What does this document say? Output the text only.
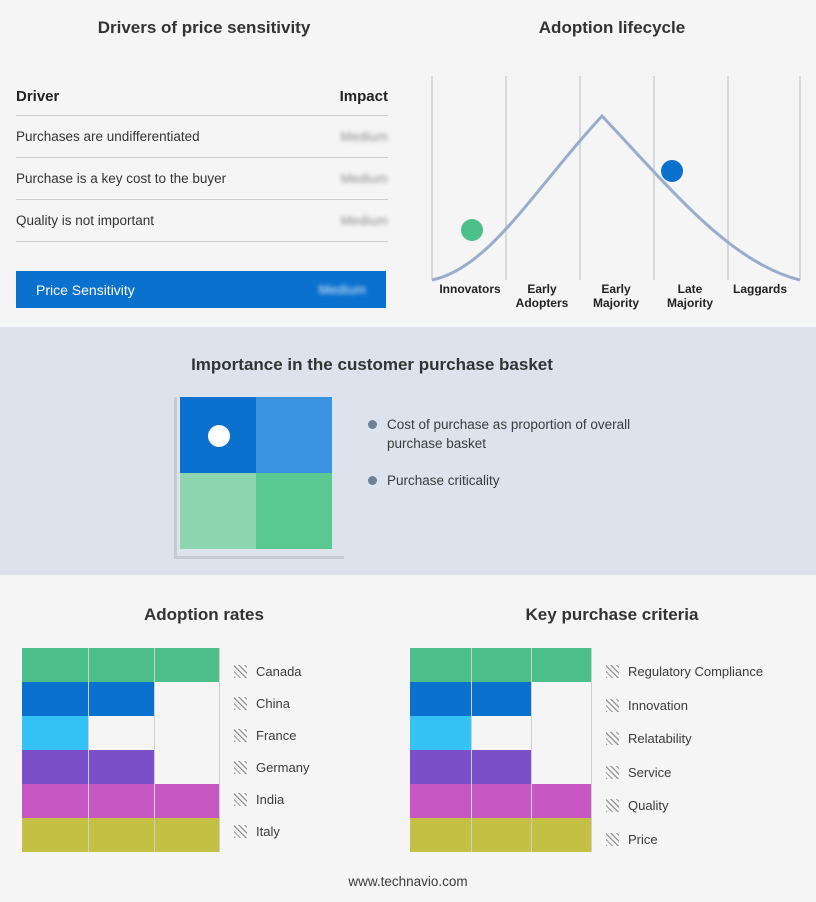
Drivers of price sensitivity
Driver	Impact
Purchases are undifferentiated	Medium
Purchase is a key cost to the buyer	Medium
Quality is not important	Medium
Price Sensitivity	Medium
Adoption lifecycle
Innovators	Early
Adopters
Early
Majority
Late
Majority
Laggards
Importance in the customer purchase basket
Cost of purchase as proportion of overall purchase basket
Purchase criticality
Adoption rates
Canada
China
France
Germany
India
Italy
Key purchase criteria
Regulatory Compliance
Innovation
Relatability
Service
Quality
Price
www.technavio.com
